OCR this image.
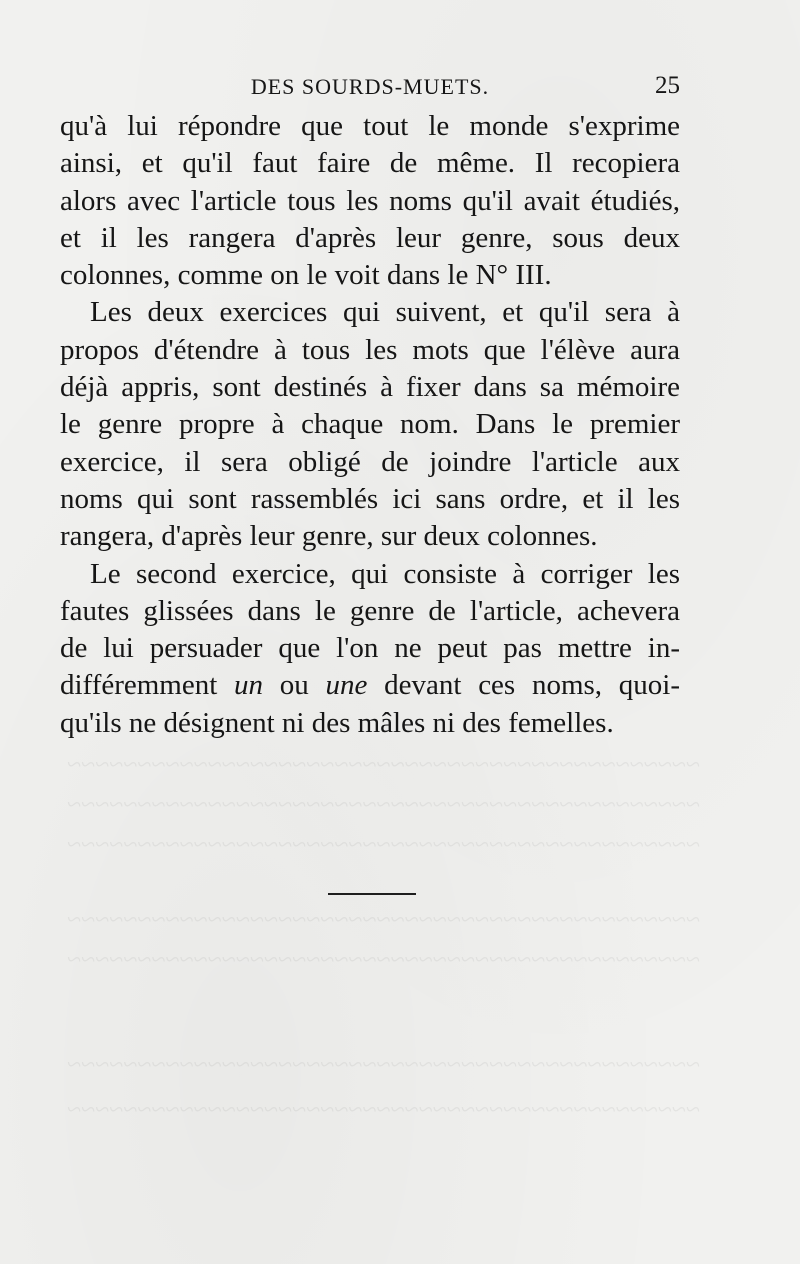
~~~~~~~~~~~~~~~~~~~~~~~~~~~~~~~~~~~~~~~~~~~~~
~~~~~~~~~~~~~~~~~~~~~~~~~~~~~~~~~~~~~~~~~~~~~
~~~~~~~~~~~~~~~~~~~~~~~~~~~~~~~~~~~~~~~~~~~~~
~~~~~~~~~~~~~~~~~~~~~~~~~~~~~~~~~~~~~~~~~~~~~
~~~~~~~~~~~~~~~~~~~~~~~~~~~~~~~~~~~~~~~~~~~~~
~~~~~~~~~~~~~~~~~~~~~~~~~~~~~~~~~~~~~~~~~~~~~
~~~~~~~~~~~~~~~~~~~~~~~~~~~~~~~~~~~~~~~~~~~~~
DES SOURDS-MUETS.	25

qu'à lui répondre que tout le monde s'exprime
ainsi, et qu'il faut faire de même. Il recopiera
alors avec l'article tous les noms qu'il avait étudiés,
et il les rangera d'après leur genre, sous deux
colonnes, comme on le voit dans le N° III.

Les deux exercices qui suivent, et qu'il sera à
propos d'étendre à tous les mots que l'élève aura
déjà appris, sont destinés à fixer dans sa mémoire
le genre propre à chaque nom. Dans le premier
exercice, il sera obligé de joindre l'article aux
noms qui sont rassemblés ici sans ordre, et il les
rangera, d'après leur genre, sur deux colonnes.

Le second exercice, qui consiste à corriger les
fautes glissées dans le genre de l'article, achevera
de lui persuader que l'on ne peut pas mettre in-
différemment un ou une devant ces noms, quoi-
qu'ils ne désignent ni des mâles ni des femelles.
